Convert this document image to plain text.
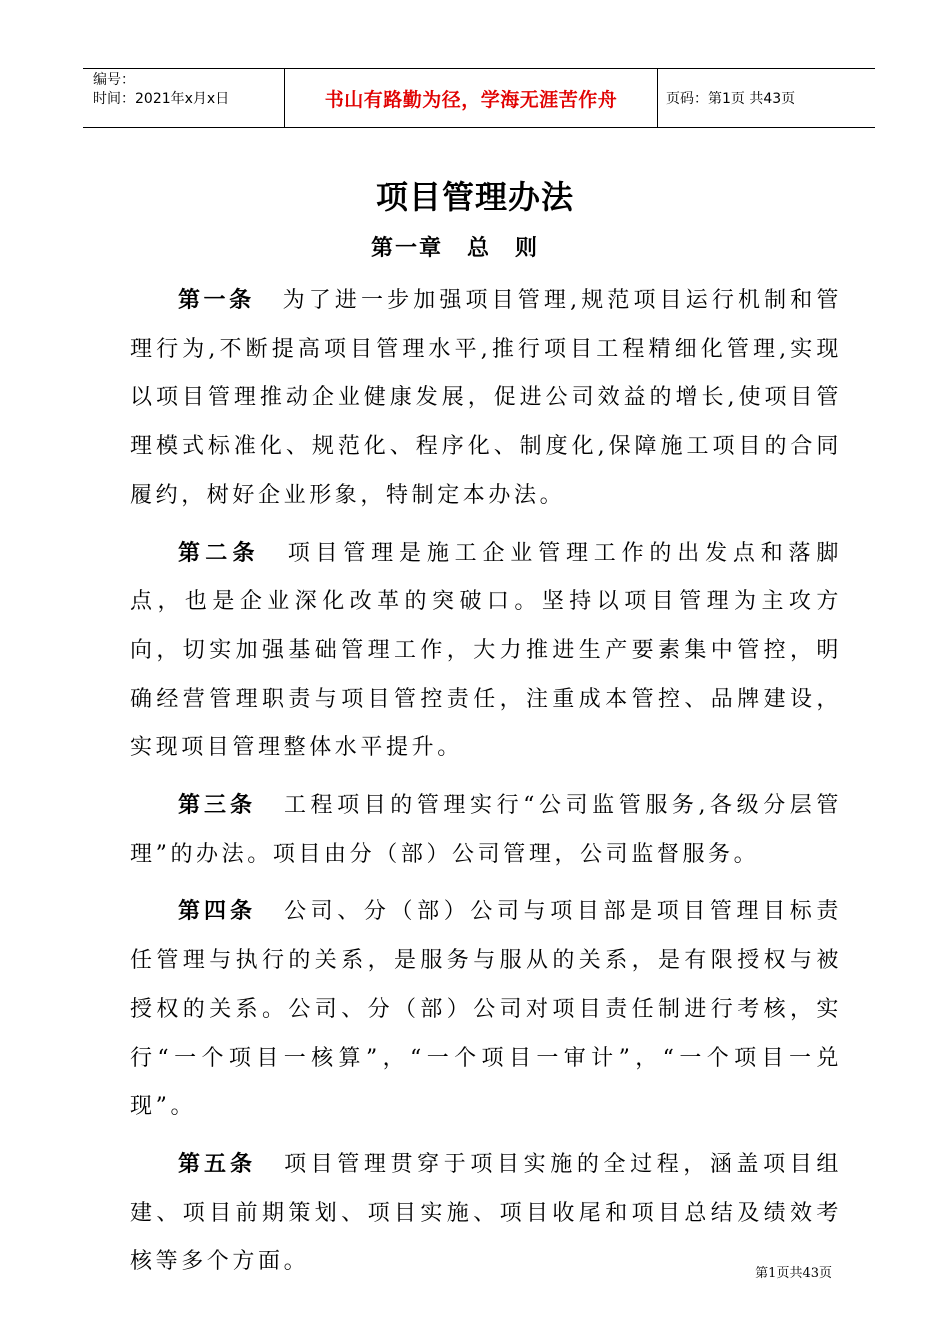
编号：
时间：2021年x月x日	书山有路勤为径，学海无涯苦作舟	页码：第1页 共43页
项目管理办法
第一章　总　则

第一条 为了进一步加强项目管理,规范项目运行机制和管理行为,不断提高项目管理水平,推行项目工程精细化管理,实现以项目管理推动企业健康发展，促进公司效益的增长,使项目管理模式标准化、规范化、程序化、制度化,保障施工项目的合同履约，树好企业形象，特制定本办法。

第二条 项目管理是施工企业管理工作的出发点和落脚点，也是企业深化改革的突破口。坚持以项目管理为主攻方向，切实加强基础管理工作，大力推进生产要素集中管控，明确经营管理职责与项目管控责任，注重成本管控、品牌建设，实现项目管理整体水平提升。

第三条 工程项目的管理实行“公司监管服务,各级分层管理”的办法。项目由分（部）公司管理，公司监督服务。

第四条 公司、分（部）公司与项目部是项目管理目标责任管理与执行的关系，是服务与服从的关系，是有限授权与被授权的关系。公司、分（部）公司对项目责任制进行考核，实行“一个项目一核算”，“一个项目一审计”，“一个项目一兑现”。

第五条 项目管理贯穿于项目实施的全过程，涵盖项目组建、项目前期策划、项目实施、项目收尾和项目总结及绩效考核等多个方面。	第1页共43页
